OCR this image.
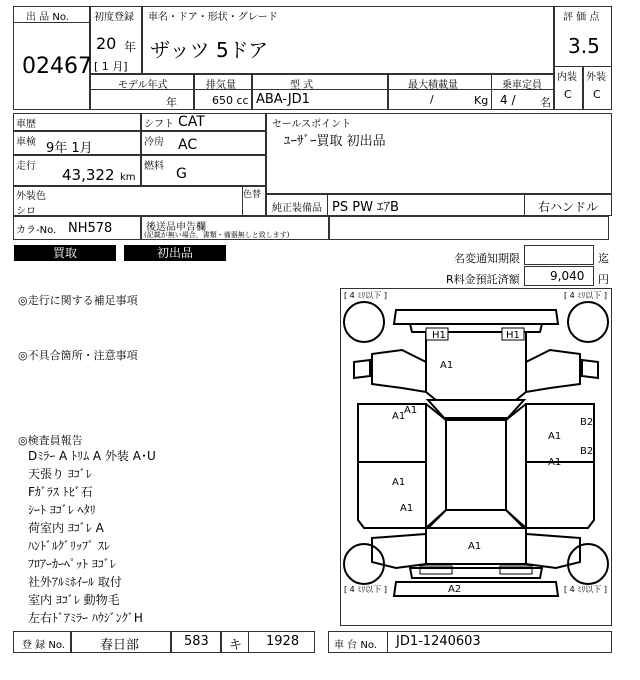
出 品 No.
02467
初度登録
20 年
[ 1 月]
車名・ドア・形状・グレード
ザッツ 5ドア
評 価 点
3.5
内装 外装
C C
モデル年式	排気量	型 式	最大積載量	乗車定員
年	650 cc ABA-JD1	/	Kg 4 / 名
車歴
車検 9年 1月
走行 43,322 km
シフト CAT
冷房 AC
燃料 G
外装色
シロ
色替
カラ-No. NH578	後送品申告欄
(記載が無い場合，書類・備器無しと致します)
セールスポイント
ﾕｰｻﾞｰ買取 初出品
純正装備品 PS PW ｴｱB	右ハンドル
買取	初出品	名変通知期限	迄
R料金預託済額	9,040 円
◎走行に関する補足事項
◎不具合箇所・注意事項
◎検査員報告
Dﾐﾗｰ A ﾄﾘﾑ A 外装 A･U
天張り ﾖｺﾞﾚ
Fｶﾞﾗｽ ﾄﾋﾞ石
ｼｰﾄ ﾖｺﾞﾚ ﾍﾀﾘ
荷室内 ﾖｺﾞﾚ A
ﾊﾝﾄﾞﾙｸﾞﾘｯﾌﾟ ｽﾚ
ﾌﾛｱｰｶｰﾍﾟｯﾄ ﾖｺﾞﾚ
社外ｱﾙﾐﾎｲｰﾙ 取付
室内 ﾖｺﾞﾚ 動物毛
左右ﾄﾞｱﾐﾗｰ ﾊｳｼﾞﾝｸﾞH
[ 4 ﾐﾘ以下 ]	[ 4 ﾐﾘ以下 ]
[ 4 ﾐﾘ以下 ]	[ 4 ﾐﾘ以下 ]
H1	H1
A1
A1
A1
A1
A1
B2
B2
A1
A1
A1
A2
登 録 No.	春日部	583 キ 1928	車 台 No. JD1-1240603
